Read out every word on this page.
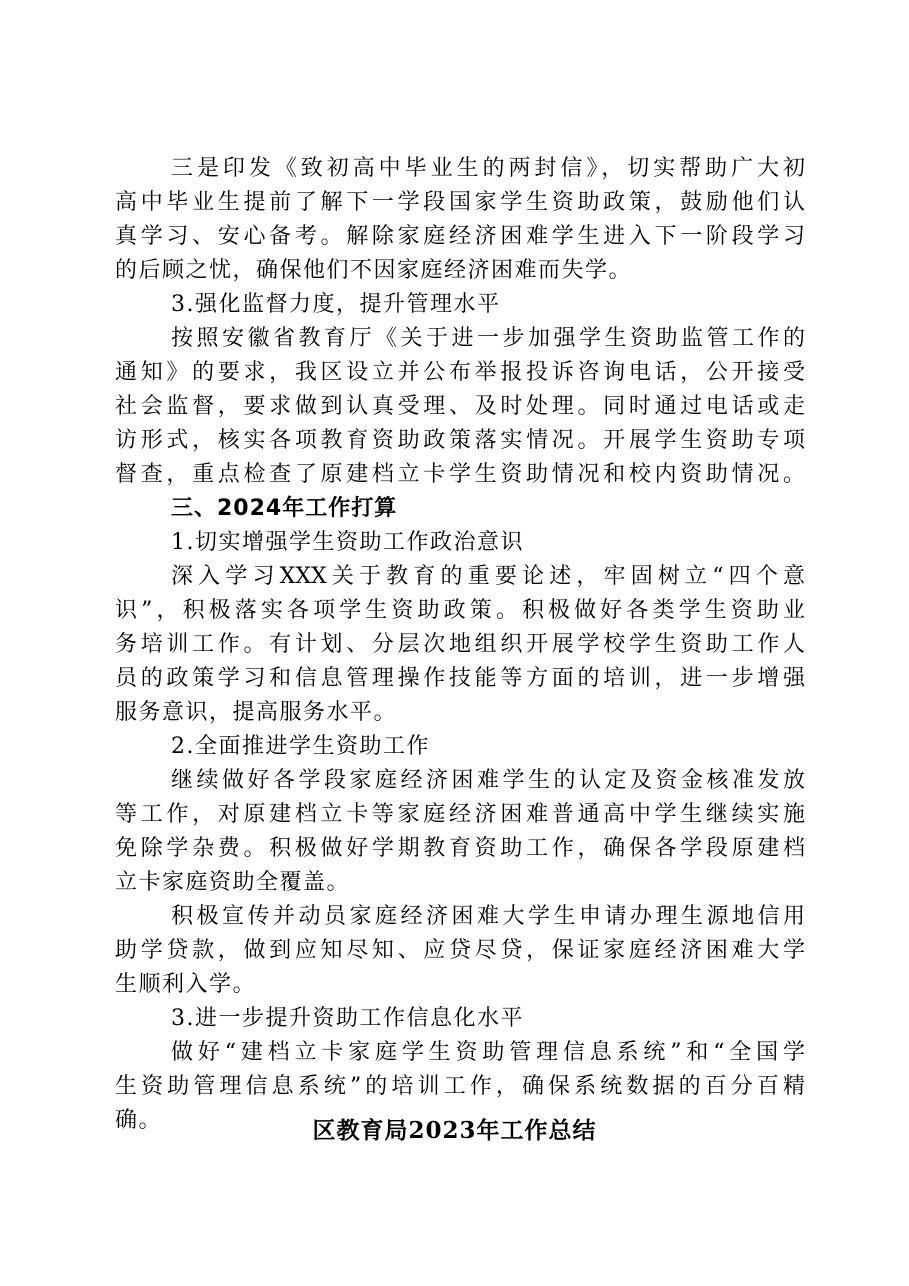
三是印发《致初高中毕业生的两封信》，切实帮助广大初
高中毕业生提前了解下一学段国家学生资助政策，鼓励他们认
真学习、安心备考。解除家庭经济困难学生进入下一阶段学习
的后顾之忧，确保他们不因家庭经济困难而失学。
3.强化监督力度，提升管理水平
按照安徽省教育厅《关于进一步加强学生资助监管工作的
通知》的要求，我区设立并公布举报投诉咨询电话，公开接受
社会监督，要求做到认真受理、及时处理。同时通过电话或走
访形式，核实各项教育资助政策落实情况。开展学生资助专项
督查，重点检查了原建档立卡学生资助情况和校内资助情况。
三、2024年工作打算
1.切实增强学生资助工作政治意识
深入学习XXX关于教育的重要论述，牢固树立“四个意
识”，积极落实各项学生资助政策。积极做好各类学生资助业
务培训工作。有计划、分层次地组织开展学校学生资助工作人
员的政策学习和信息管理操作技能等方面的培训，进一步增强
服务意识，提高服务水平。
2.全面推进学生资助工作
继续做好各学段家庭经济困难学生的认定及资金核准发放
等工作，对原建档立卡等家庭经济困难普通高中学生继续实施
免除学杂费。积极做好学期教育资助工作，确保各学段原建档
立卡家庭资助全覆盖。
积极宣传并动员家庭经济困难大学生申请办理生源地信用
助学贷款，做到应知尽知、应贷尽贷，保证家庭经济困难大学
生顺利入学。
3.进一步提升资助工作信息化水平
做好“建档立卡家庭学生资助管理信息系统”和“全国学
生资助管理信息系统”的培训工作，确保系统数据的百分百精
确。	区教育局2023年工作总结
